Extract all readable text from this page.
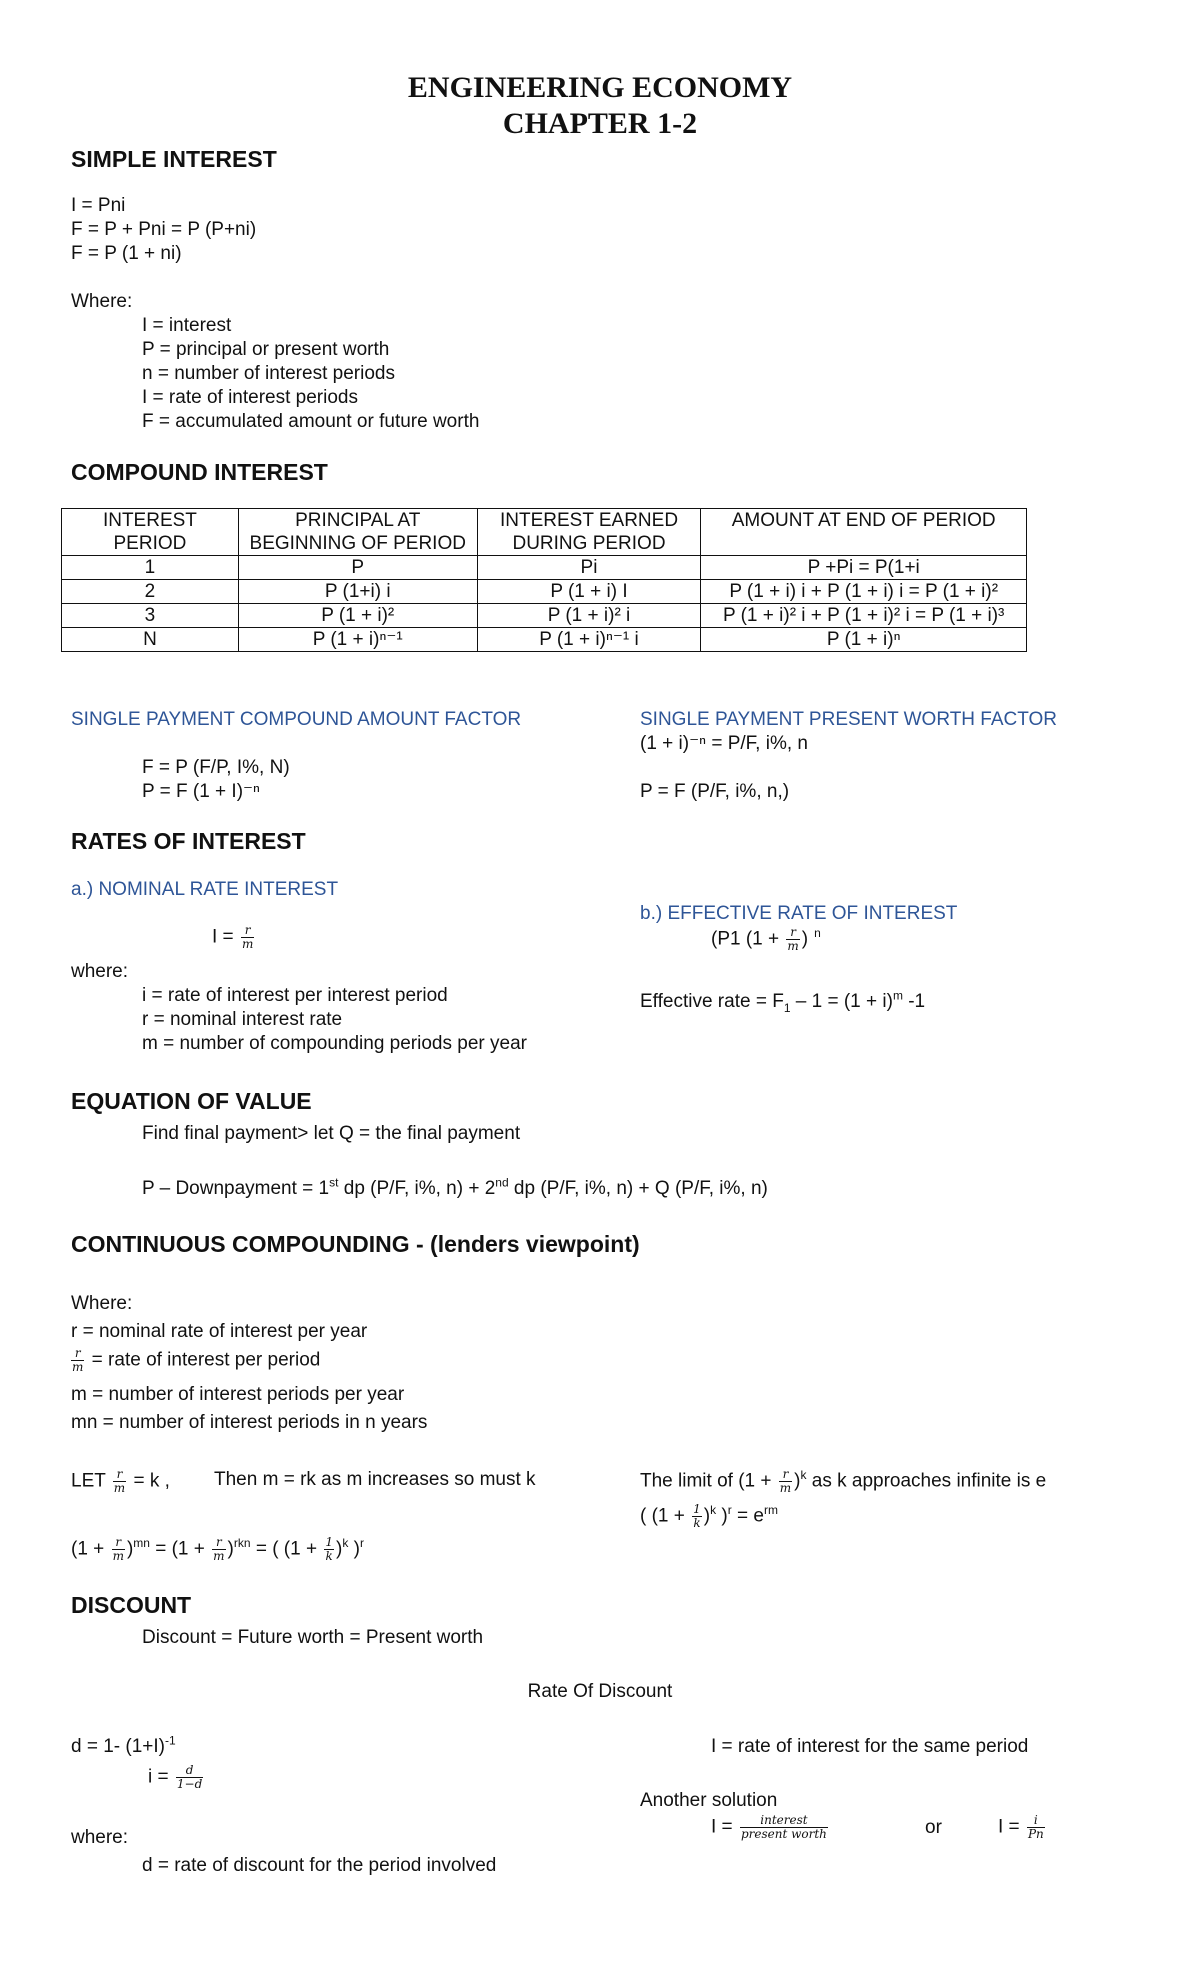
ENGINEERING ECONOMY
CHAPTER 1-2
SIMPLE INTEREST
I = Pni
F = P + Pni = P (P+ni)
F = P (1 + ni)
Where:
I = interest
P = principal or present worth
n = number of interest periods
I = rate of interest periods
F = accumulated amount or future worth
COMPOUND INTEREST
INTEREST PERIOD	PRINCIPAL AT BEGINNING OF PERIOD	INTEREST EARNED DURING PERIOD	AMOUNT AT END OF PERIOD
1	P	Pi	P +Pi = P(1+i
2	P (1+i) i	P (1 + i) I	P (1 + i) i + P (1 + i) i = P (1 + i)²
3	P (1 + i)²	P (1 + i)² i	P (1 + i)² i + P (1 + i)² i = P (1 + i)³
N	P (1 + i)ⁿ⁻¹	P (1 + i)ⁿ⁻¹ i	P (1 + i)ⁿ
SINGLE PAYMENT COMPOUND AMOUNT FACTOR
F = P (F/P, I%, N)
P = F (1 + I)⁻ⁿ
SINGLE PAYMENT PRESENT WORTH FACTOR
(1 + i)⁻ⁿ = P/F, i%, n
P = F (P/F, i%, n,)
RATES OF INTEREST
a.) NOMINAL RATE INTEREST
$I = \frac{r}{m}$
where:
i = rate of interest per interest period
r = nominal interest rate
m = number of compounding periods per year
b.) EFFECTIVE RATE OF INTEREST
(P1 ($1 + \frac{r}{m}$ ) $^n$
Effective rate = $F_1 - 1 = (1 + i)^m$ -1
EQUATION OF VALUE
Find final payment> let Q = the final payment
P – Downpayment = 1st dp (P/F, i%, n) + 2nd dp (P/F, i%, n) + Q (P/F, i%, n)
CONTINUOUS COMPOUNDING - (lenders viewpoint)
Where:
r = nominal rate of interest per year
$\frac{r}{m}$ = rate of interest per period
m = number of interest periods per year
mn = number of interest periods in n years
LET $\frac{r}{m} = k$ , Then m = rk as m increases so must k	The limit of $(1 + \frac{r}{m} )^k$ as k approaches infinite is e
( $(1 + \frac{1}{k} )^k$ )$^r = e^{rm}$
$(1 + \frac{r}{m} )^{mn} = (1 + \frac{r}{m} )^{rkn}$ = ( $(1 + \frac{1}{k} )^k$ )$^r$
DISCOUNT
Discount = Future worth = Present worth
Rate Of Discount
d = 1- $(1+I)^{-1}$
$i = \frac{d}{1-d}$
I = rate of interest for the same period
Another solution
$I = \frac{\text{interest}}{\text{present worth}}$	or	$I = \frac{i}{Pn}$
where:
d = rate of discount for the period involved
